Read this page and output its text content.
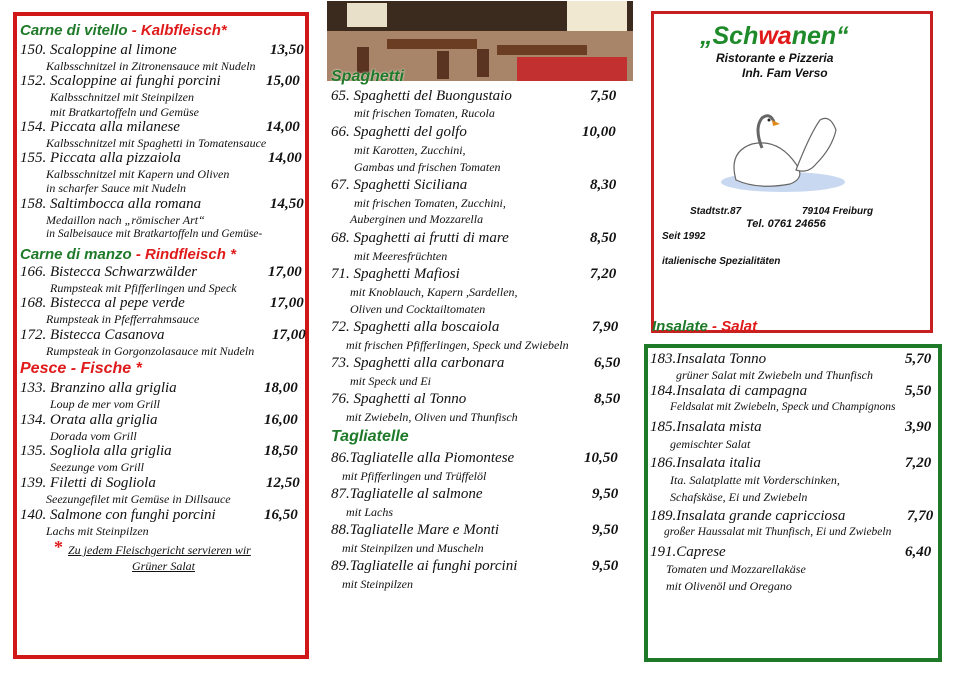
Carne di vitello - Kalbfleisch*
150. Scaloppine al limone	13,50
Kalbsschnitzel in Zitronensauce mit Nudeln
152. Scaloppine ai funghi porcini	15,00
Kalbsschnitzel mit Steinpilzen
mit Bratkartoffeln und Gemüse
154. Piccata alla milanese	14,00
Kalbsschnitzel mit Spaghetti in Tomatensauce
155. Piccata alla pizzaiola	14,00
Kalbsschnitzel mit Kapern und Oliven
in scharfer Sauce mit Nudeln
158. Saltimbocca alla romana	14,50
Medaillon nach „römischer Art“
in Salbeisauce mit Bratkartoffeln und Gemüse-
Carne di manzo - Rindfleisch *
166. Bistecca Schwarzwälder	17,00
Rumpsteak mit Pfifferlingen und Speck
168. Bistecca al pepe verde	17,00
Rumpsteak in Pfefferrahmsauce
172. Bistecca Casanova	17,00
Rumpsteak in Gorgonzolasauce mit Nudeln
Pesce - Fische *
133. Branzino alla griglia	18,00
Loup de mer vom Grill
134. Orata alla griglia	16,00
Dorada vom Grill
135. Sogliola alla griglia	18,50
Seezunge vom Grill
139. Filetti di Sogliola	12,50
Seezungefilet mit Gemüse in Dillsauce
140. Salmone con funghi porcini	16,50
Lachs mit Steinpilzen
* Zu jedem Fleischgericht servieren wir
Grüner Salat
Spaghetti
65. Spaghetti del Buongustaio	7,50
mit frischen Tomaten, Rucola
66. Spaghetti del golfo	10,00
mit Karotten, Zucchini,
Gambas und frischen Tomaten
67. Spaghetti Siciliana	8,30
mit frischen Tomaten, Zucchini,
Auberginen und Mozzarella
68. Spaghetti ai frutti di mare	8,50
mit Meeresfrüchten
71. Spaghetti Mafiosi	7,20
mit Knoblauch, Kapern ,Sardellen,
Oliven und Cocktailtomaten
72. Spaghetti alla boscaiola	7,90
mit frischen Pfifferlingen, Speck und Zwiebeln
73. Spaghetti alla carbonara	6,50
mit Speck und Ei
76. Spaghetti al Tonno	8,50
mit Zwiebeln, Oliven und Thunfisch
Tagliatelle
86.Tagliatelle alla Piomontese	10,50
mit Pfifferlingen und Trüffelöl
87.Tagliatelle al salmone	9,50
mit Lachs
88.Tagliatelle Mare e Monti	9,50
mit Steinpilzen und Muscheln
89.Tagliatelle ai funghi porcini	9,50
mit Steinpilzen
„Schwanen“
Ristorante e Pizzeria
Inh. Fam Verso
Stadtstr.87	79104 Freiburg
Tel. 0761 24656
Seit 1992
italienische Spezialitäten
Insalate - Salat
183.Insalata Tonno	5,70
grüner Salat mit Zwiebeln und Thunfisch
184.Insalata di campagna	5,50
Feldsalat mit Zwiebeln, Speck und Champignons
185.Insalata mista	3,90
gemischter Salat
186.Insalata italia	7,20
Ita. Salatplatte mit Vorderschinken,
Schafskäse, Ei und Zwiebeln
189.Insalata grande capricciosa	7,70
großer Haussalat mit Thunfisch, Ei und Zwiebeln
191.Caprese	6,40
Tomaten und Mozzarellakäse
mit Olivenöl und Oregano
